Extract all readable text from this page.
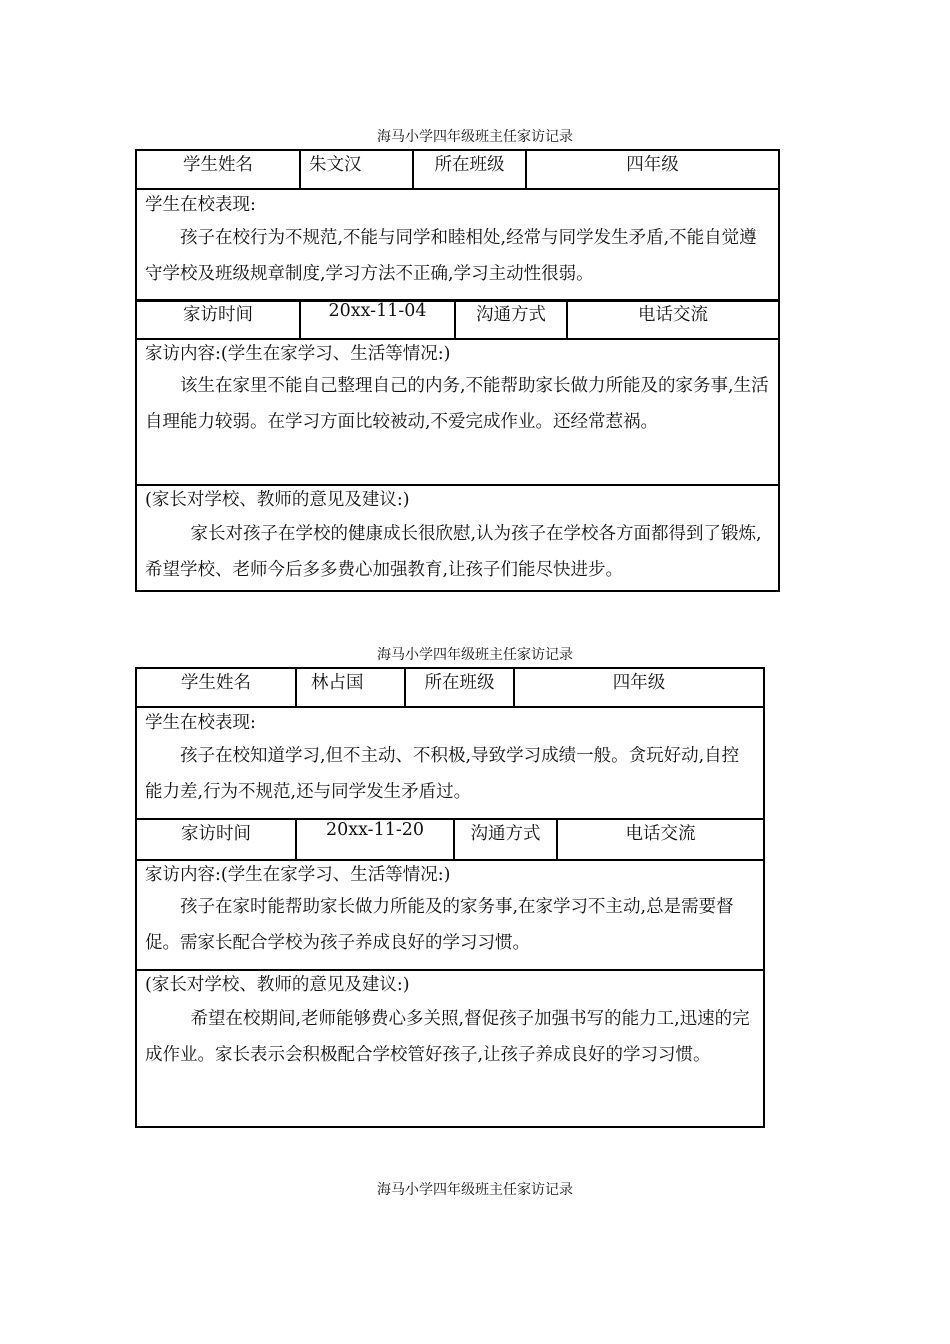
海马小学四年级班主任家访记录
学生姓名	朱文汉	所在班级	四年级

学生在校表现:
孩子在校行为不规范,不能与同学和睦相处,经常与同学发生矛盾,不能自觉遵守学校及班级规章制度,学习方法不正确,学习主动性很弱。
家访时间	20xx-11-04	沟通方式	电话交流

家访内容:(学生在家学习、生活等情况:)
该生在家里不能自己整理自己的内务,不能帮助家长做力所能及的家务事,生活自理能力较弱。在学习方面比较被动,不爱完成作业。还经常惹祸。

(家长对学校、教师的意见及建议:)
家长对孩子在学校的健康成长很欣慰,认为孩子在学校各方面都得到了锻炼,希望学校、老师今后多多费心加强教育,让孩子们能尽快进步。
海马小学四年级班主任家访记录
学生姓名	林占国	所在班级	四年级

学生在校表现:
孩子在校知道学习,但不主动、不积极,导致学习成绩一般。贪玩好动,自控能力差,行为不规范,还与同学发生矛盾过。
家访时间	20xx-11-20	沟通方式	电话交流

家访内容:(学生在家学习、生活等情况:)
孩子在家时能帮助家长做力所能及的家务事,在家学习不主动,总是需要督促。需家长配合学校为孩子养成良好的学习习惯。

(家长对学校、教师的意见及建议:)
希望在校期间,老师能够费心多关照,督促孩子加强书写的能力工,迅速的完成作业。家长表示会积极配合学校管好孩子,让孩子养成良好的学习习惯。
海马小学四年级班主任家访记录
